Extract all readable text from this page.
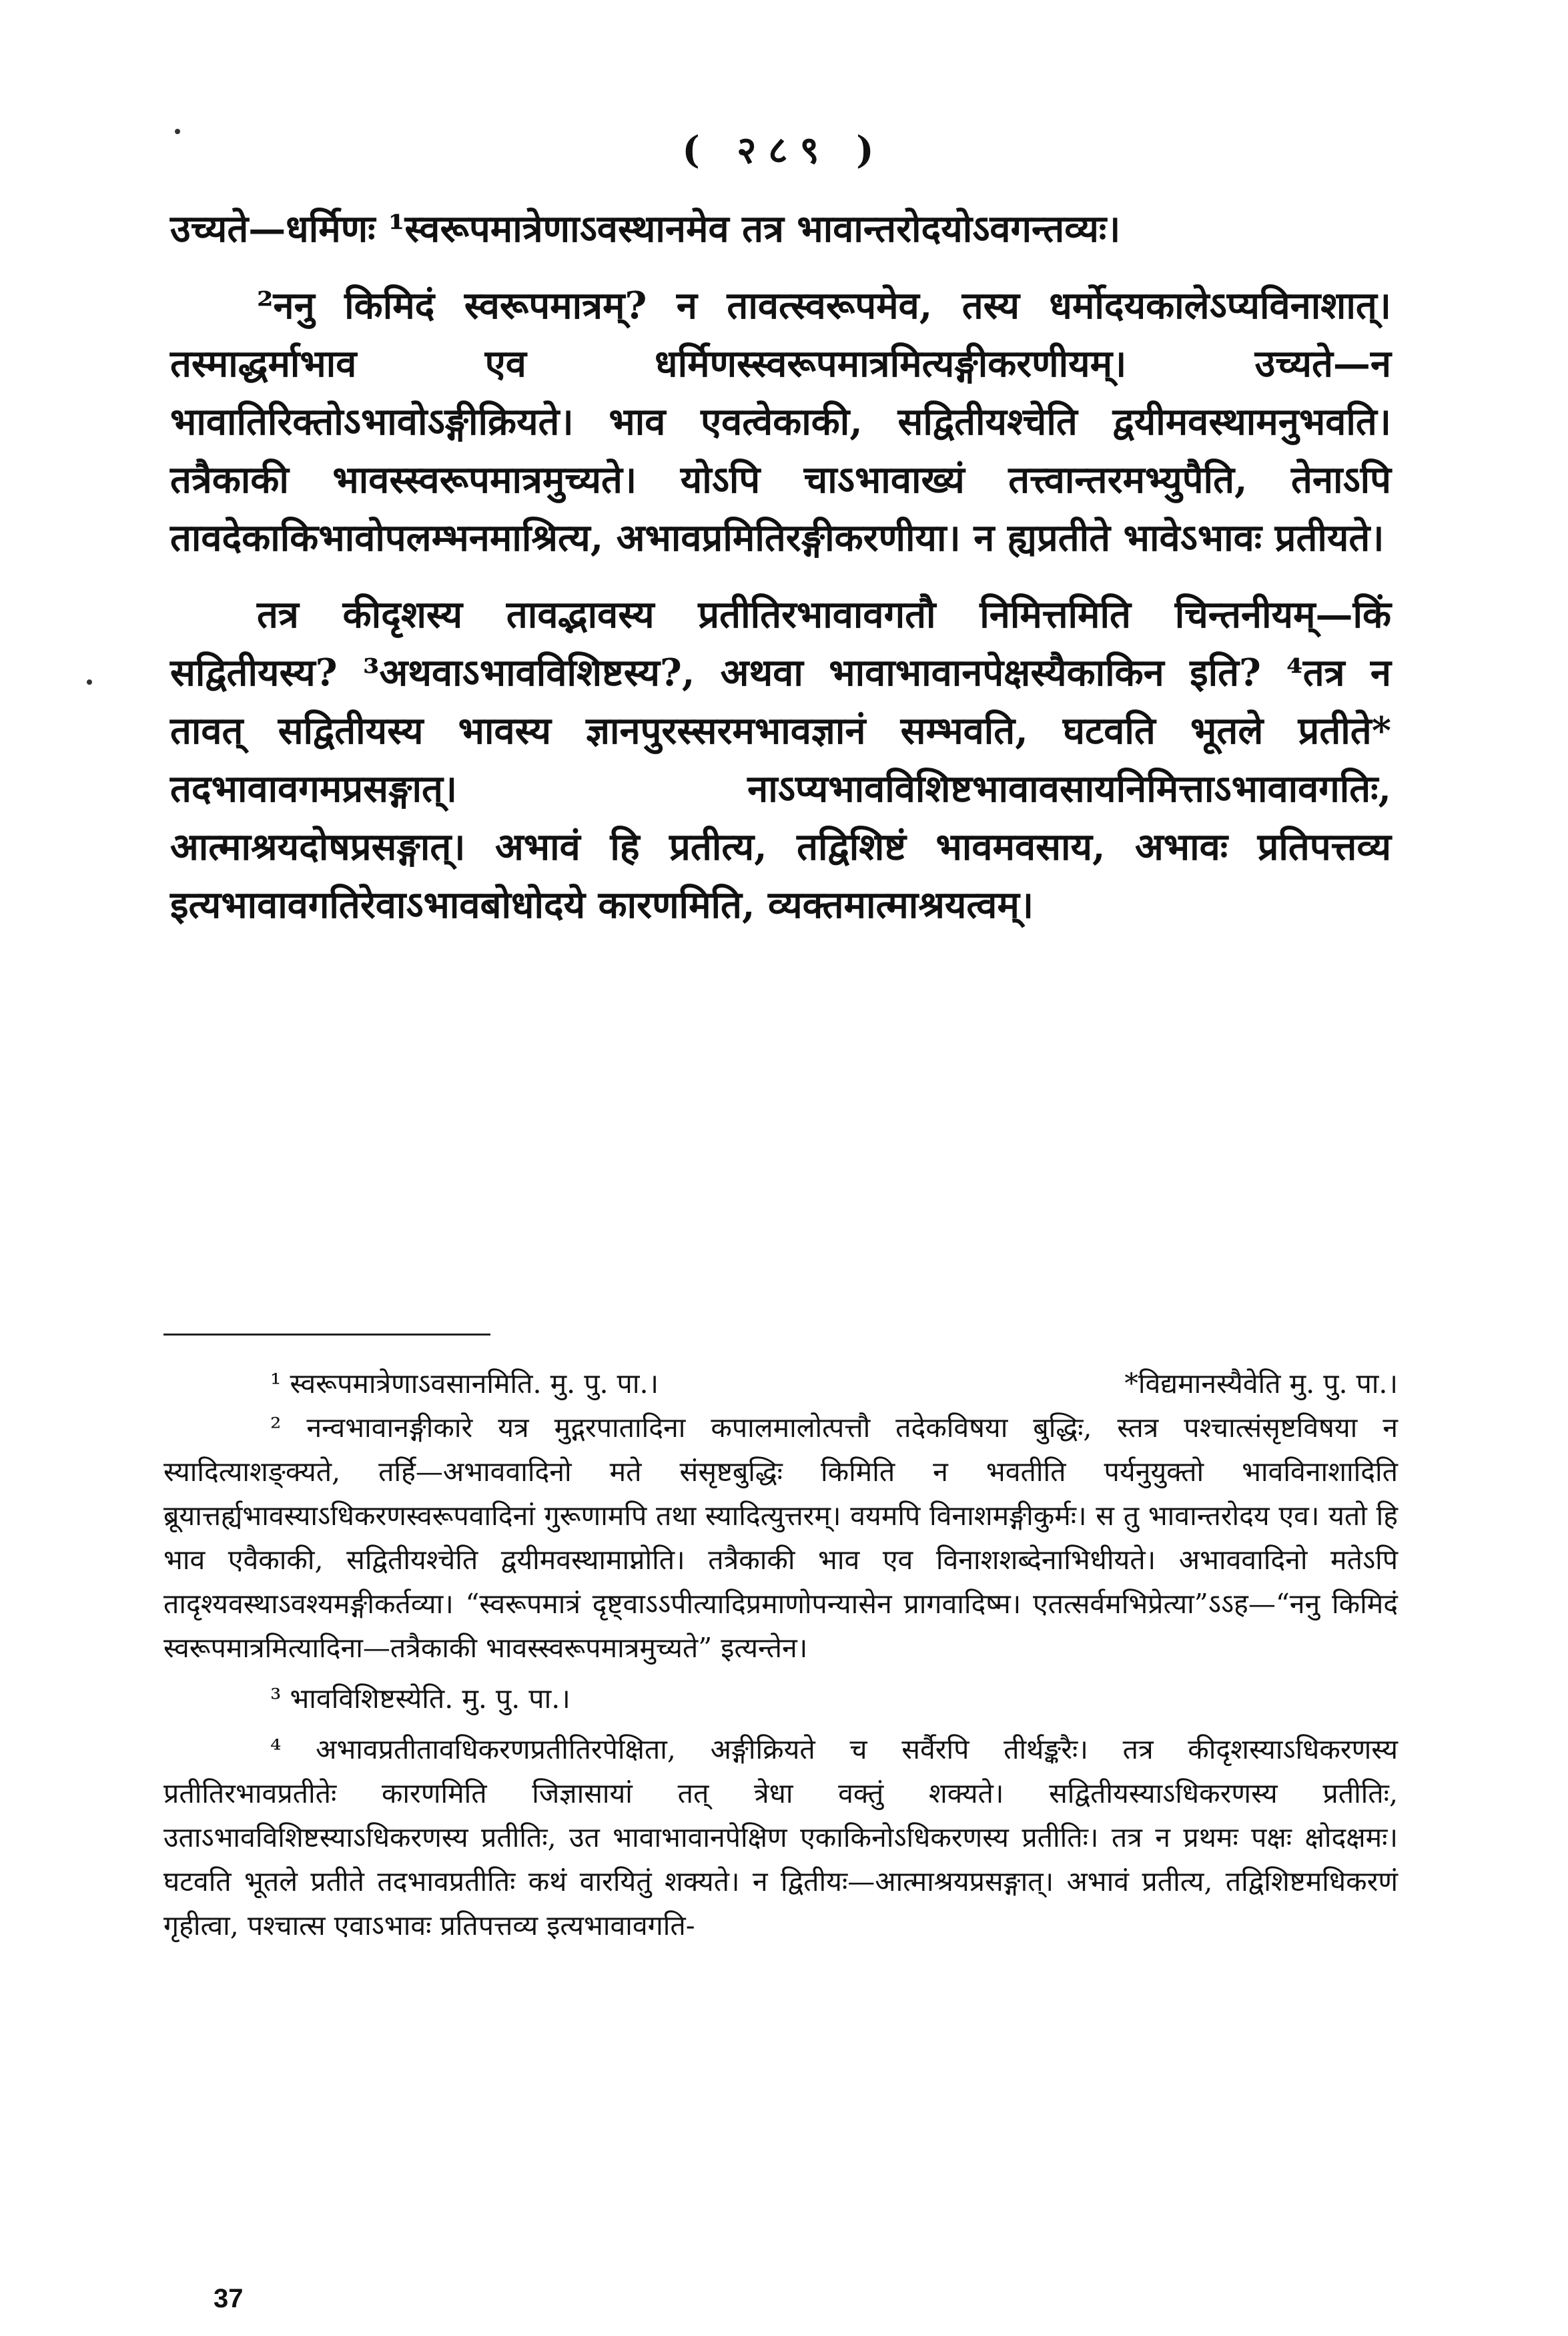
( २८९ )

उच्यते—धर्मिणः ¹स्वरूपमात्रेणाऽवस्थानमेव तत्र भावान्तरोदयोऽवगन्तव्यः।

²ननु किमिदं स्वरूपमात्रम्? न तावत्स्वरूपमेव, तस्य धर्मोदयकालेऽप्यविनाशात्। तस्माद्धर्माभाव एव धर्मिणस्स्वरूपमात्रमित्यङ्गीकरणीयम्। उच्यते—न भावातिरिक्तोऽभावोऽङ्गीक्रियते। भाव एवत्वेकाकी, सद्वितीयश्चेति द्वयीमवस्थामनुभवति। तत्रैकाकी भावस्स्वरूपमात्रमुच्यते। योऽपि चाऽभावाख्यं तत्त्वान्तरमभ्युपैति, तेनाऽपि तावदेकाकिभावोपलम्भनमाश्रित्य, अभावप्रमितिरङ्गीकरणीया। न ह्यप्रतीते भावेऽभावः प्रतीयते।

तत्र कीदृशस्य तावद्भावस्य प्रतीतिरभावावगतौ निमित्तमिति चिन्तनीयम्—किं सद्वितीयस्य? ³अथवाऽभावविशिष्टस्य?, अथवा भावाभावानपेक्षस्यैकाकिन इति? ⁴तत्र न तावत् सद्वितीयस्य भावस्य ज्ञानपुरस्सरमभावज्ञानं सम्भवति, घटवति भूतले प्रतीते* तदभावावगमप्रसङ्गात्। नाऽप्यभावविशिष्टभावावसायनिमित्ताऽभावावगतिः, आत्माश्रयदोषप्रसङ्गात्। अभावं हि प्रतीत्य, तद्विशिष्टं भावमवसाय, अभावः प्रतिपत्तव्य इत्यभावावगतिरेवाऽभावबोधोदये कारणमिति, व्यक्तमात्माश्रयत्वम्।

¹ स्वरूपमात्रेणाऽवसानमिति. मु. पु. पा.।	*विद्यमानस्यैवेति मु. पु. पा.।

² नन्वभावानङ्गीकारे यत्र मुद्गरपातादिना कपालमालोत्पत्तौ तदेकविषया बुद्धिः, स्तत्र पश्चात्संसृष्टविषया न स्यादित्याशङ्क्यते, तर्हि—अभाववादिनो मते संसृष्टबुद्धिः किमिति न भवतीति पर्यनुयुक्तो भावविनाशादिति ब्रूयात्तर्ह्यभावस्याऽधिकरणस्वरूपवादिनां गुरूणामपि तथा स्यादित्युत्तरम्। वयमपि विनाशमङ्गीकुर्मः। स तु भावान्तरोदय एव। यतो हि भाव एवैकाकी, सद्वितीयश्चेति द्वयीमवस्थामाप्नोति। तत्रैकाकी भाव एव विनाशशब्देनाभिधीयते। अभाववादिनो मतेऽपि तादृश्यवस्थाऽवश्यमङ्गीकर्तव्या। “स्वरूपमात्रं दृष्ट्वाऽऽपीत्यादिप्रमाणोपन्यासेन प्रागवादिष्म। एतत्सर्वमभिप्रेत्या”ऽऽह—“ननु किमिदं स्वरूपमात्रमित्यादिना—तत्रैकाकी भावस्स्वरूपमात्रमुच्यते” इत्यन्तेन।

³ भावविशिष्टस्येति. मु. पु. पा.।

⁴ अभावप्रतीतावधिकरणप्रतीतिरपेक्षिता, अङ्गीक्रियते च सर्वैरपि तीर्थङ्करैः। तत्र कीदृशस्याऽधिकरणस्य प्रतीतिरभावप्रतीतेः कारणमिति जिज्ञासायां तत् त्रेधा वक्तुं शक्यते। सद्वितीयस्याऽधिकरणस्य प्रतीतिः, उताऽभावविशिष्टस्याऽधिकरणस्य प्रतीतिः, उत भावाभावानपेक्षिण एकाकिनोऽधिकरणस्य प्रतीतिः। तत्र न प्रथमः पक्षः क्षोदक्षमः। घटवति भूतले प्रतीते तदभावप्रतीतिः कथं वारयितुं शक्यते। न द्वितीयः—आत्माश्रयप्रसङ्गात्। अभावं प्रतीत्य, तद्विशिष्टमधिकरणं गृहीत्वा, पश्चात्स एवाऽभावः प्रतिपत्तव्य इत्यभावावगति-

37
